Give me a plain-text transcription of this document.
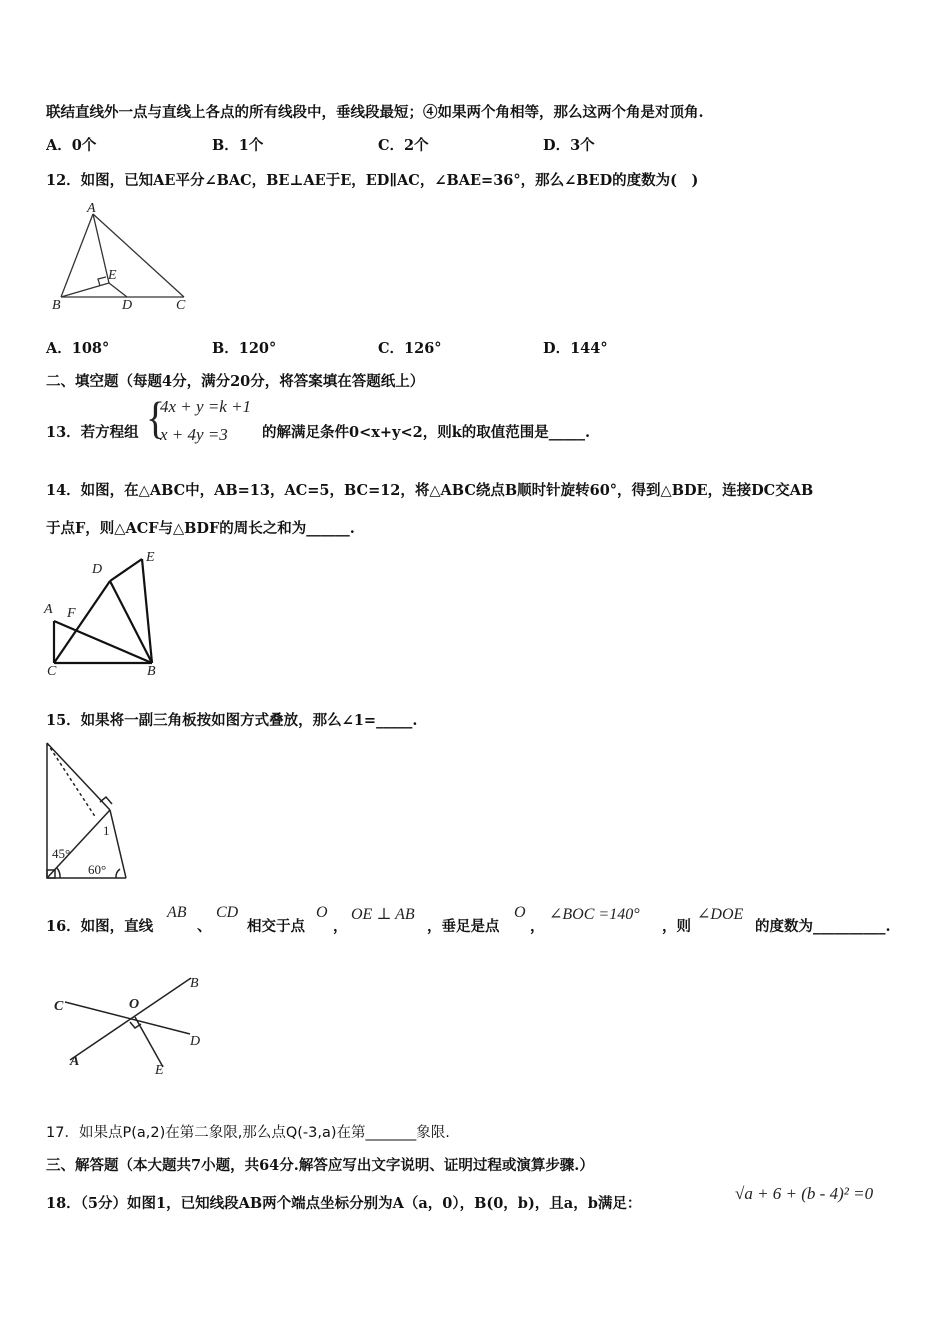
联结直线外一点与直线上各点的所有线段中，垂线段最短；④如果两个角相等，那么这两个角是对顶角.
A．0个	B．1个	C．2个	D．3个
12．如图，已知AE平分∠BAC，BE⊥AE于E，ED∥AC，∠BAE=36°，那么∠BED的度数为(　)
A
E
B	D	C
A．108°	B．120°	C．126°	D．144°
二、填空题（每题4分，满分20分，将答案填在答题纸上）
13．若方程组 {
4x + y =k +1
x + 4y =3 的解满足条件0<x+y<2，则k的取值范围是_____.
14．如图，在△ABC中，AB=13，AC=5，BC=12，将△ABC绕点B顺时针旋转60°，得到△BDE，连接DC交AB
于点F，则△ACF与△BDF的周长之和为______.
D
E
A F
C	B
15．如果将一副三角板按如图方式叠放，那么∠1=_____.
1
45°
60°
16．如图，直线
AB
、
CD
相交于点
O
，
OE ⊥ AB
，垂足是点
O
，
∠BOC =140°
，则
∠DOE
的度数为__________.
C	O
B
D
A
E
17．如果点P(a,2)在第二象限,那么点Q(-3,a)在第_______象限.
三、解答题（本大题共7小题，共64分.解答应写出文字说明、证明过程或演算步骤.）
18．（5分）如图1，已知线段AB两个端点坐标分别为A（a，0），B(0，b)，且a，b满足：
√a + 6 + (b - 4)² =0
